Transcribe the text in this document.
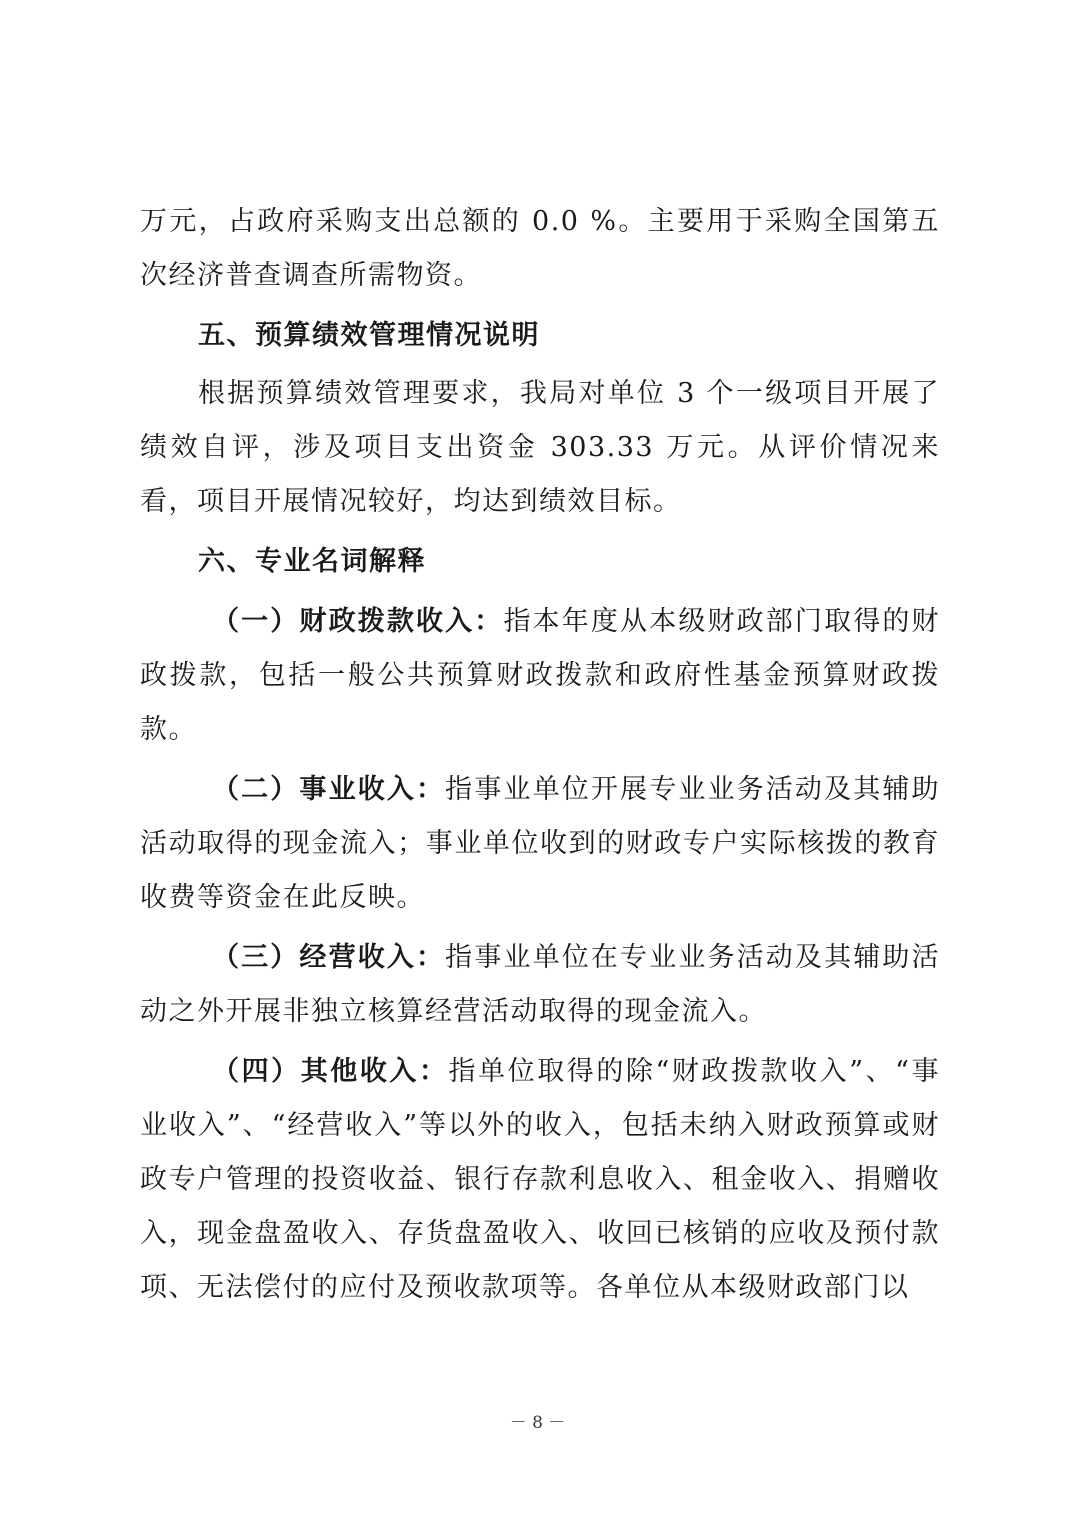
万元，占政府采购支出总额的 0.0 %。主要用于采购全国第五次经济普查调查所需物资。

五、预算绩效管理情况说明

根据预算绩效管理要求，我局对单位 3 个一级项目开展了绩效自评，涉及项目支出资金 303.33 万元。从评价情况来看，项目开展情况较好，均达到绩效目标。

六、专业名词解释

（一）财政拨款收入：指本年度从本级财政部门取得的财政拨款，包括一般公共预算财政拨款和政府性基金预算财政拨款。

（二）事业收入：指事业单位开展专业业务活动及其辅助活动取得的现金流入；事业单位收到的财政专户实际核拨的教育收费等资金在此反映。

（三）经营收入：指事业单位在专业业务活动及其辅助活动之外开展非独立核算经营活动取得的现金流入。

（四）其他收入：指单位取得的除“财政拨款收入”、“事业收入”、“经营收入”等以外的收入，包括未纳入财政预算或财政专户管理的投资收益、银行存款利息收入、租金收入、捐赠收入，现金盘盈收入、存货盘盈收入、收回已核销的应收及预付款项、无法偿付的应付及预收款项等。各单位从本级财政部门以

－ 8 －
